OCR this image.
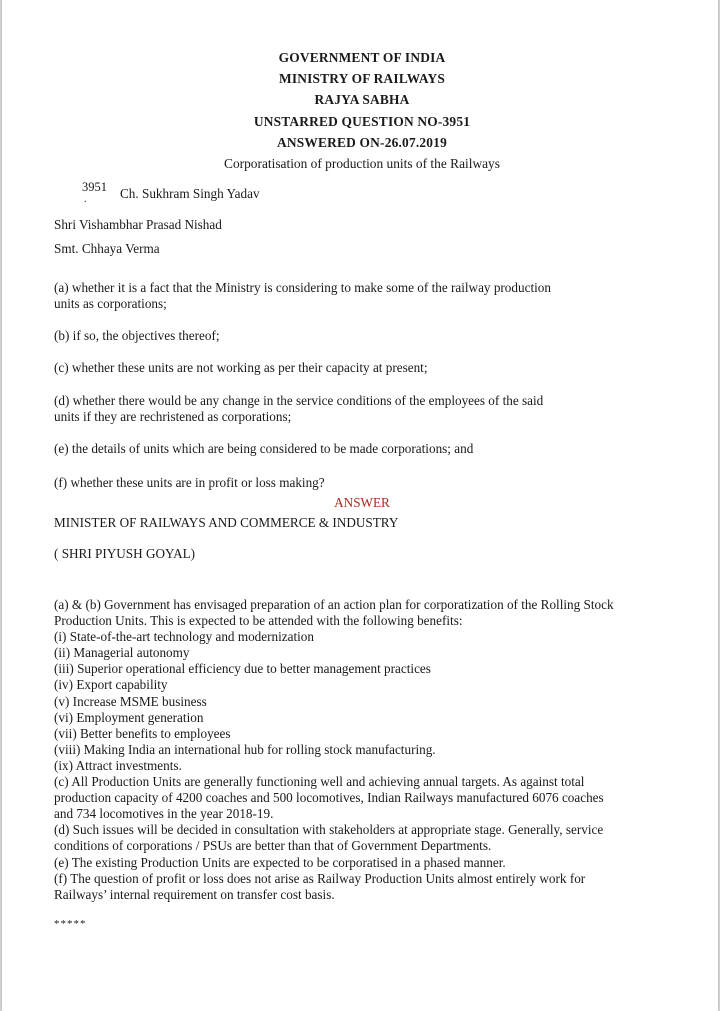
GOVERNMENT OF INDIA
MINISTRY OF RAILWAYS
RAJYA SABHA
UNSTARRED QUESTION NO-3951
ANSWERED ON-26.07.2019
Corporatisation of production units of the Railways
3951
.	Ch. Sukhram Singh Yadav
Shri Vishambhar Prasad Nishad
Smt. Chhaya Verma
(a) whether it is a fact that the Ministry is considering to make some of the railway production
units as corporations;
(b) if so, the objectives thereof;
(c) whether these units are not working as per their capacity at present;
(d) whether there would be any change in the service conditions of the employees of the said
units if they are rechristened as corporations;
(e) the details of units which are being considered to be made corporations; and
(f) whether these units are in profit or loss making?
ANSWER
MINISTER OF RAILWAYS AND COMMERCE & INDUSTRY
( SHRI PIYUSH GOYAL)
(a) & (b) Government has envisaged preparation of an action plan for corporatization of the Rolling Stock
Production Units. This is expected to be attended with the following benefits:
(i) State-of-the-art technology and modernization
(ii) Managerial autonomy
(iii) Superior operational efficiency due to better management practices
(iv) Export capability
(v) Increase MSME business
(vi) Employment generation
(vii) Better benefits to employees
(viii) Making India an international hub for rolling stock manufacturing.
(ix) Attract investments.
(c) All Production Units are generally functioning well and achieving annual targets. As against total
production capacity of 4200 coaches and 500 locomotives, Indian Railways manufactured 6076 coaches
and 734 locomotives in the year 2018-19.
(d) Such issues will be decided in consultation with stakeholders at appropriate stage. Generally, service
conditions of corporations / PSUs are better than that of Government Departments.
(e) The existing Production Units are expected to be corporatised in a phased manner.
(f) The question of profit or loss does not arise as Railway Production Units almost entirely work for
Railways’ internal requirement on transfer cost basis.
*****
